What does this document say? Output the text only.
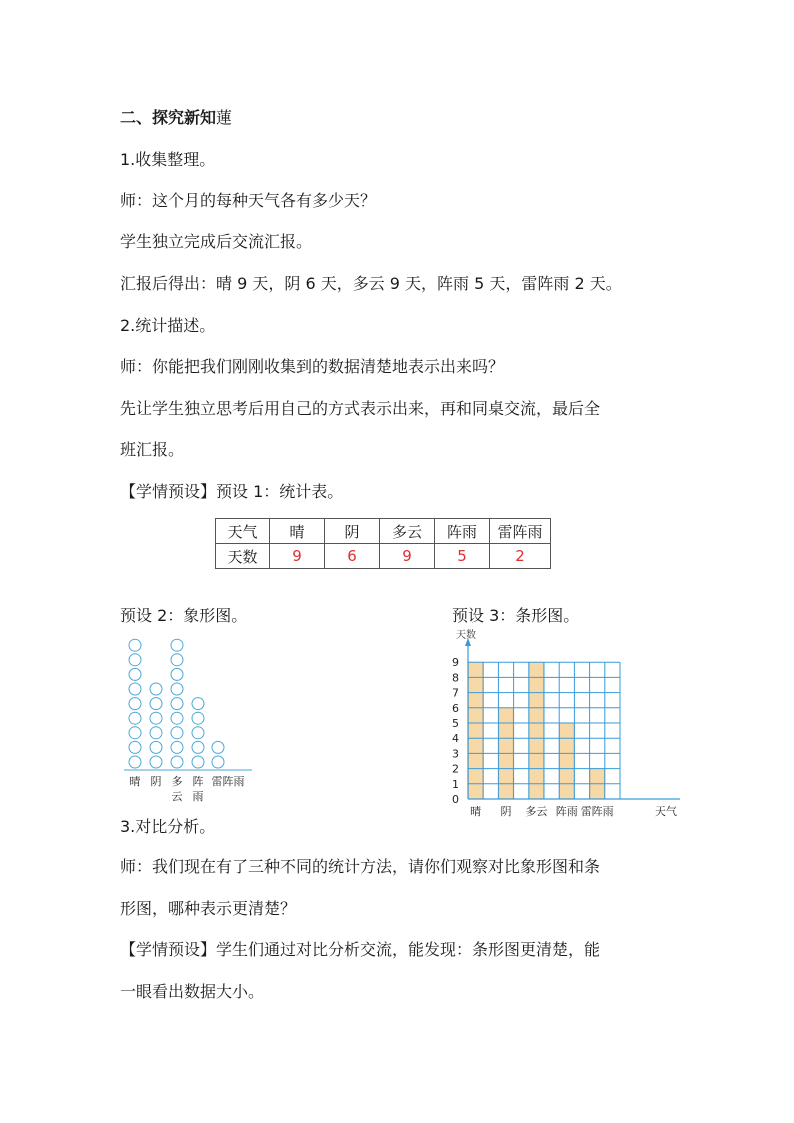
二、探究新知蓮
1.收集整理。
师：这个月的每种天气各有多少天？
学生独立完成后交流汇报。
汇报后得出：晴 9 天，阴 6 天，多云 9 天，阵雨 5 天，雷阵雨 2 天。
2.统计描述。
师：你能把我们刚刚收集到的数据清楚地表示出来吗？
先让学生独立思考后用自己的方式表示出来，再和同桌交流，最后全
班汇报。
【学情预设】预设 1：统计表。
天气	晴	阴	多云	阵雨	雷阵雨
天数	9	6	9	5	2
预设 2：象形图。	预设 3：条形图。
晴 阴 多 阵 雷阵雨
云 雨
天数
0
1
2
3
4
5
6
7
8
9
晴 阴 多云 阵雨 雷阵雨	天气
3.对比分析。
师：我们现在有了三种不同的统计方法，请你们观察对比象形图和条
形图，哪种表示更清楚？
【学情预设】学生们通过对比分析交流，能发现：条形图更清楚，能
一眼看出数据大小。
